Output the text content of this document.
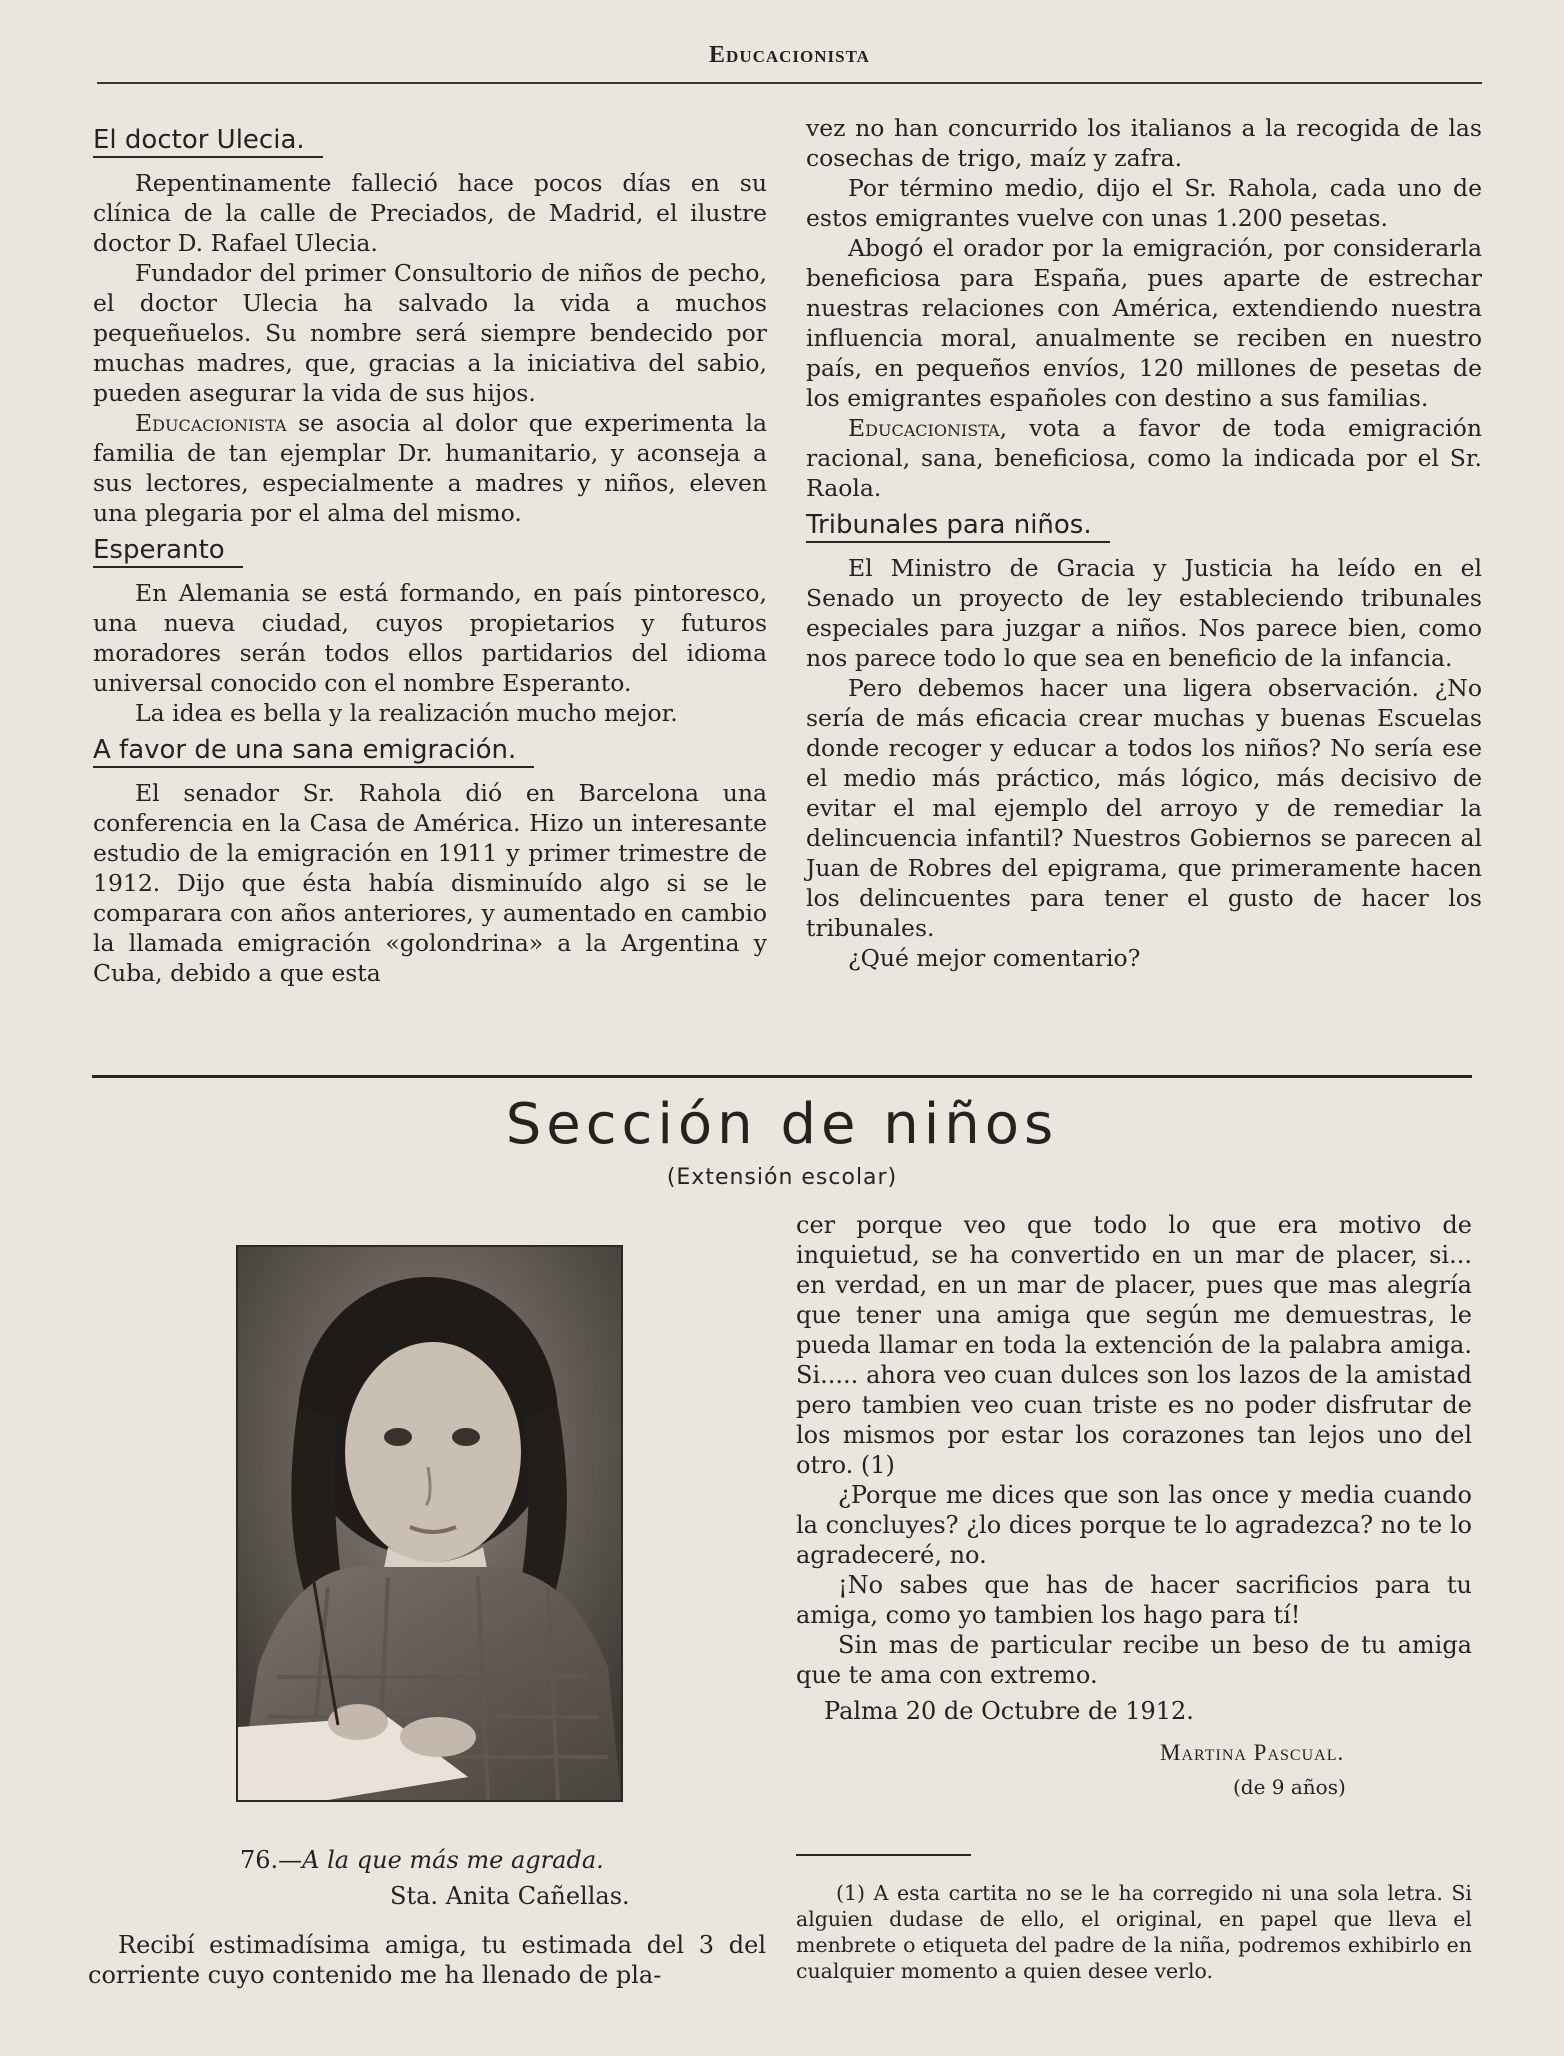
Educacionista
El doctor Ulecia.

Repentinamente falleció hace pocos días en su clínica de la calle de Preciados, de Madrid, el ilustre doctor D. Rafael Ulecia.

Fundador del primer Consultorio de niños de pecho, el doctor Ulecia ha salvado la vida a muchos pequeñuelos. Su nombre será siempre bendecido por muchas madres, que, gracias a la iniciativa del sabio, pueden asegurar la vida de sus hijos.

Educacionista se asocia al dolor que experimenta la familia de tan ejemplar Dr. humanitario, y aconseja a sus lectores, especialmente a madres y niños, eleven una plegaria por el alma del mismo.

Esperanto

En Alemania se está formando, en país pintoresco, una nueva ciudad, cuyos propietarios y futuros moradores serán todos ellos partidarios del idioma universal conocido con el nombre Esperanto.

La idea es bella y la realización mucho mejor.

A favor de una sana emigración.

El senador Sr. Rahola dió en Barcelona una conferencia en la Casa de América. Hizo un interesante estudio de la emigración en 1911 y primer trimestre de 1912. Dijo que ésta había disminuído algo si se le comparara con años anteriores, y aumentado en cambio la llamada emigración «golondrina» a la Argentina y Cuba, debido a que esta

vez no han concurrido los italianos a la recogida de las cosechas de trigo, maíz y zafra.

Por término medio, dijo el Sr. Rahola, cada uno de estos emigrantes vuelve con unas 1.200 pesetas.

Abogó el orador por la emigración, por considerarla beneficiosa para España, pues aparte de estrechar nuestras relaciones con América, extendiendo nuestra influencia moral, anualmente se reciben en nuestro país, en pequeños envíos, 120 millones de pesetas de los emigrantes españoles con destino a sus familias.

Educacionista, vota a favor de toda emigración racional, sana, beneficiosa, como la indicada por el Sr. Raola.

Tribunales para niños.

El Ministro de Gracia y Justicia ha leído en el Senado un proyecto de ley estableciendo tribunales especiales para juzgar a niños. Nos parece bien, como nos parece todo lo que sea en beneficio de la infancia.

Pero debemos hacer una ligera observación. ¿No sería de más eficacia crear muchas y buenas Escuelas donde recoger y educar a todos los niños? No sería ese el medio más práctico, más lógico, más decisivo de evitar el mal ejemplo del arroyo y de remediar la delincuencia infantil? Nuestros Gobiernos se parecen al Juan de Robres del epigrama, que primeramente hacen los delincuentes para tener el gusto de hacer los tribunales.

¿Qué mejor comentario?

Sección de niños
(Extensión escolar)
76.—A la que más me agrada.
Sta. Anita Cañellas.

Recibí estimadísima amiga, tu estimada del 3 del corriente cuyo contenido me ha llenado de pla-

cer porque veo que todo lo que era motivo de inquietud, se ha convertido en un mar de placer, si... en verdad, en un mar de placer, pues que mas alegría que tener una amiga que según me demuestras, le pueda llamar en toda la extención de la palabra amiga. Si..... ahora veo cuan dulces son los lazos de la amistad pero tambien veo cuan triste es no poder disfrutar de los mismos por estar los corazones tan lejos uno del otro. (1)

¿Porque me dices que son las once y media cuando la concluyes? ¿lo dices porque te lo agradezca? no te lo agradeceré, no.

¡No sabes que has de hacer sacrificios para tu amiga, como yo tambien los hago para tí!

Sin mas de particular recibe un beso de tu amiga que te ama con extremo.

Palma 20 de Octubre de 1912.

Martina Pascual.
(de 9 años)

(1) A esta cartita no se le ha corregido ni una sola letra. Si alguien dudase de ello, el original, en papel que lleva el menbrete o etiqueta del padre de la niña, podremos exhibirlo en cualquier momento a quien desee verlo.
